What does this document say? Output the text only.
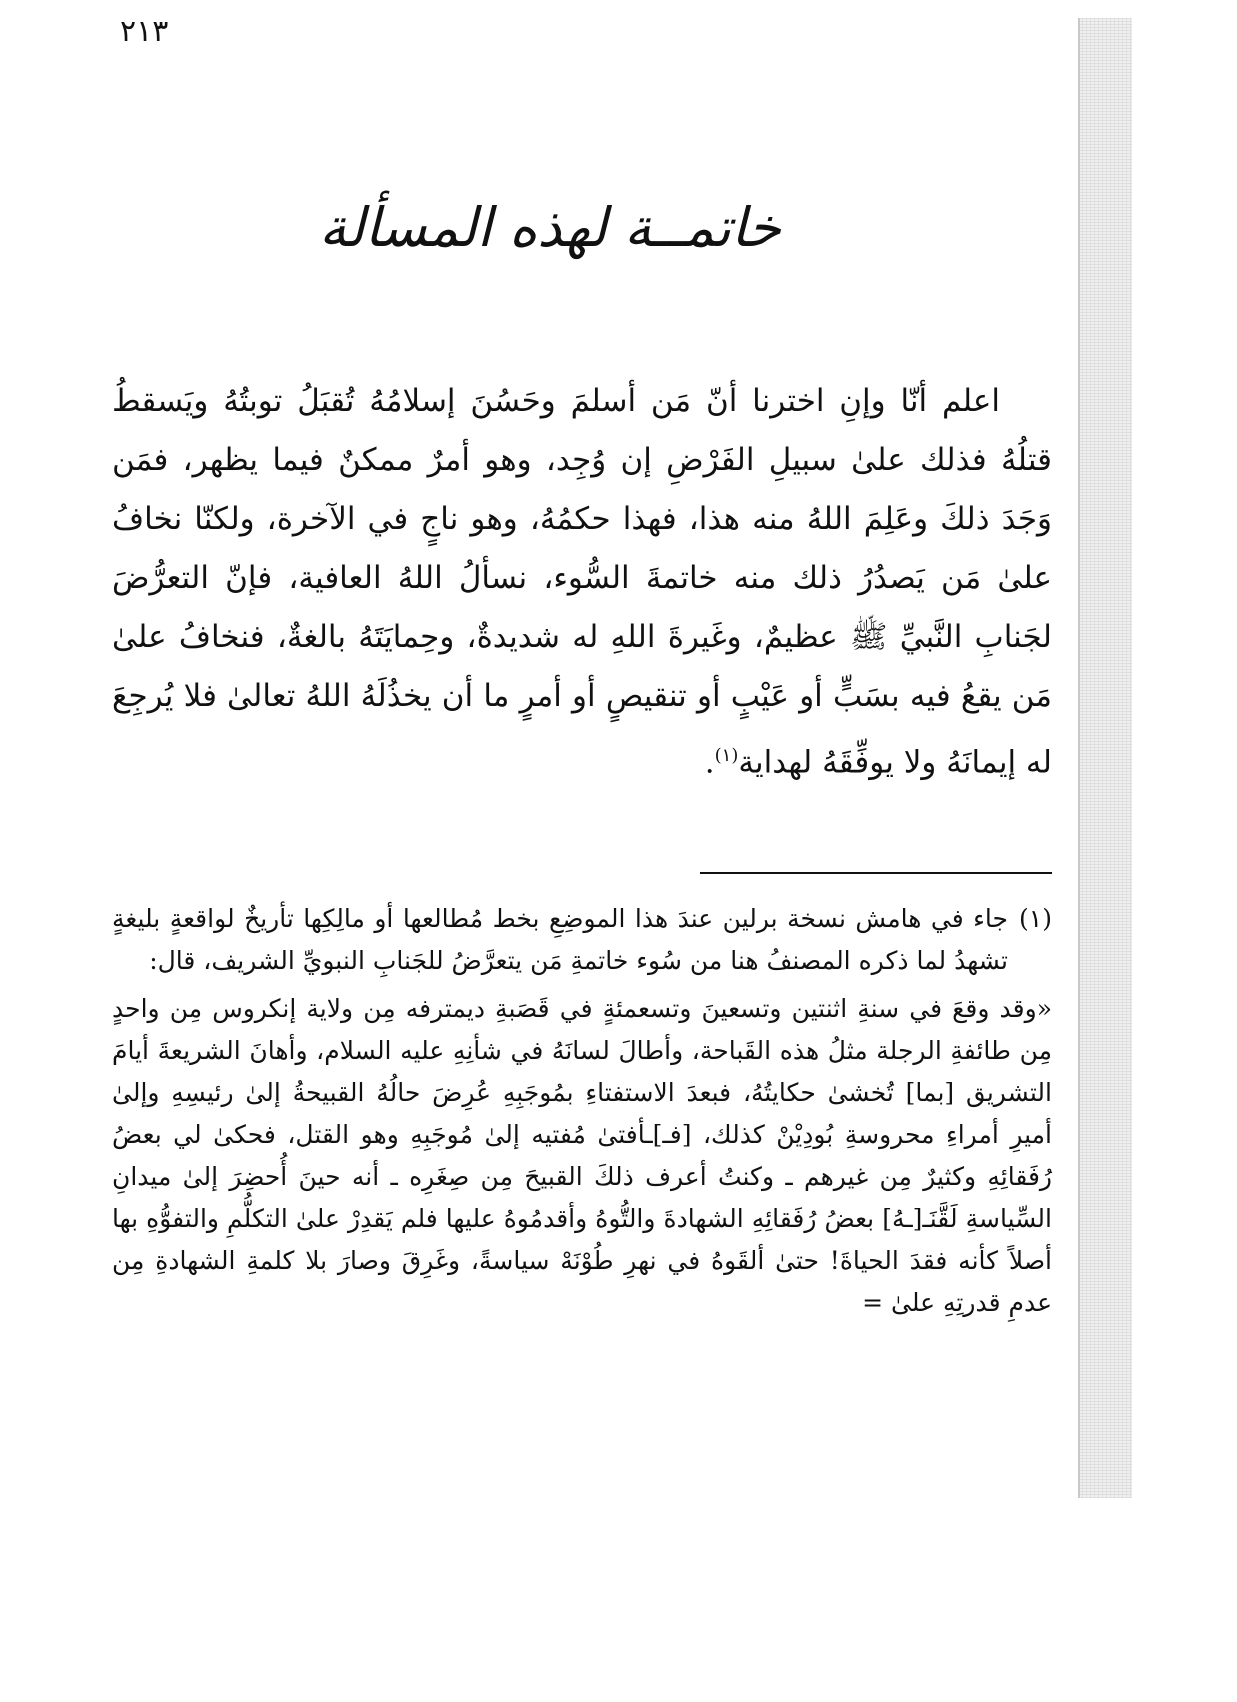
٢١٣
خاتمــة لهذه المسألة

اعلم أنّا وإنِ اخترنا أنّ مَن أسلمَ وحَسُنَ إسلامُهُ تُقبَلُ توبتُهُ ويَسقطُ قتلُهُ فذلك علىٰ سبيلِ الفَرْضِ إن وُجِد، وهو أمرٌ ممكنٌ فيما يظهر، فمَن وَجَدَ ذلكَ وعَلِمَ اللهُ منه هذا، فهذا حكمُهُ، وهو ناجٍ في الآخرة، ولكنّا نخافُ علىٰ مَن يَصدُرُ ذلك منه خاتمةَ السُّوء، نسألُ اللهُ العافية، فإنّ التعرُّضَ لجَنابِ النَّبيِّ ﷺ عظيمٌ، وغَيرةَ اللهِ له شديدةٌ، وحِمايَتَهُ بالغةٌ، فنخافُ علىٰ مَن يقعُ فيه بسَبٍّ أو عَيْبٍ أو تنقيصٍ أو أمرٍ ما أن يخذُلَهُ اللهُ تعالىٰ فلا يُرجِعَ له إيمانَهُ ولا يوفِّقَهُ لهداية$^{(١)}$.

(١)جاء في هامش نسخة برلين عندَ هذا الموضِعِ بخط مُطالعها أو مالِكِها تأريخٌ لواقعةٍ بليغةٍ تشهدُ لما ذكره المصنفُ هنا من سُوء خاتمةِ مَن يتعرَّضُ للجَنابِ النبويِّ الشريف، قال:

«وقد وقعَ في سنةِ اثنتين وتسعينَ وتسعمئةٍ في قَصَبةِ ديمترفه مِن ولاية إنكروس مِن واحدٍ مِن طائفةِ الرجلة مثلُ هذه القَباحة، وأطالَ لسانَهُ في شأنِهِ عليه السلام، وأهانَ الشريعةَ أيامَ التشريق [بما] تُخشىٰ حكايتُهُ، فبعدَ الاستفتاءِ بمُوجَبِهِ عُرِضَ حالُهُ القبيحةُ إلىٰ رئيسِهِ وإلىٰ أميرِ أمراءِ محروسةِ بُودِيْنْ كذلك، [فـ]ـأفتىٰ مُفتيه إلىٰ مُوجَبِهِ وهو القتل، فحكىٰ لي بعضُ رُفَقائِهِ وكثيرٌ مِن غيرهم ـ وكنتُ أعرف ذلكَ القبيحَ مِن صِغَرِه ـ أنه حينَ أُحضِرَ إلىٰ ميدانِ السِّياسةِ لَقَّنَـ[ـهُ] بعضُ رُفَقائِهِ الشهادةَ والتُّوهُ وأقدمُوهُ عليها فلم يَقدِرْ علىٰ التكلُّمِ والتفوُّهِ بها أصلاً كأنه فقدَ الحياةَ! حتىٰ ألقَوهُ في نهرِ طُوْنَهْ سياسةً، وغَرِقَ وصارَ بلا كلمةِ الشهادةِ مِن عدمِ قدرتِهِ علىٰ =
